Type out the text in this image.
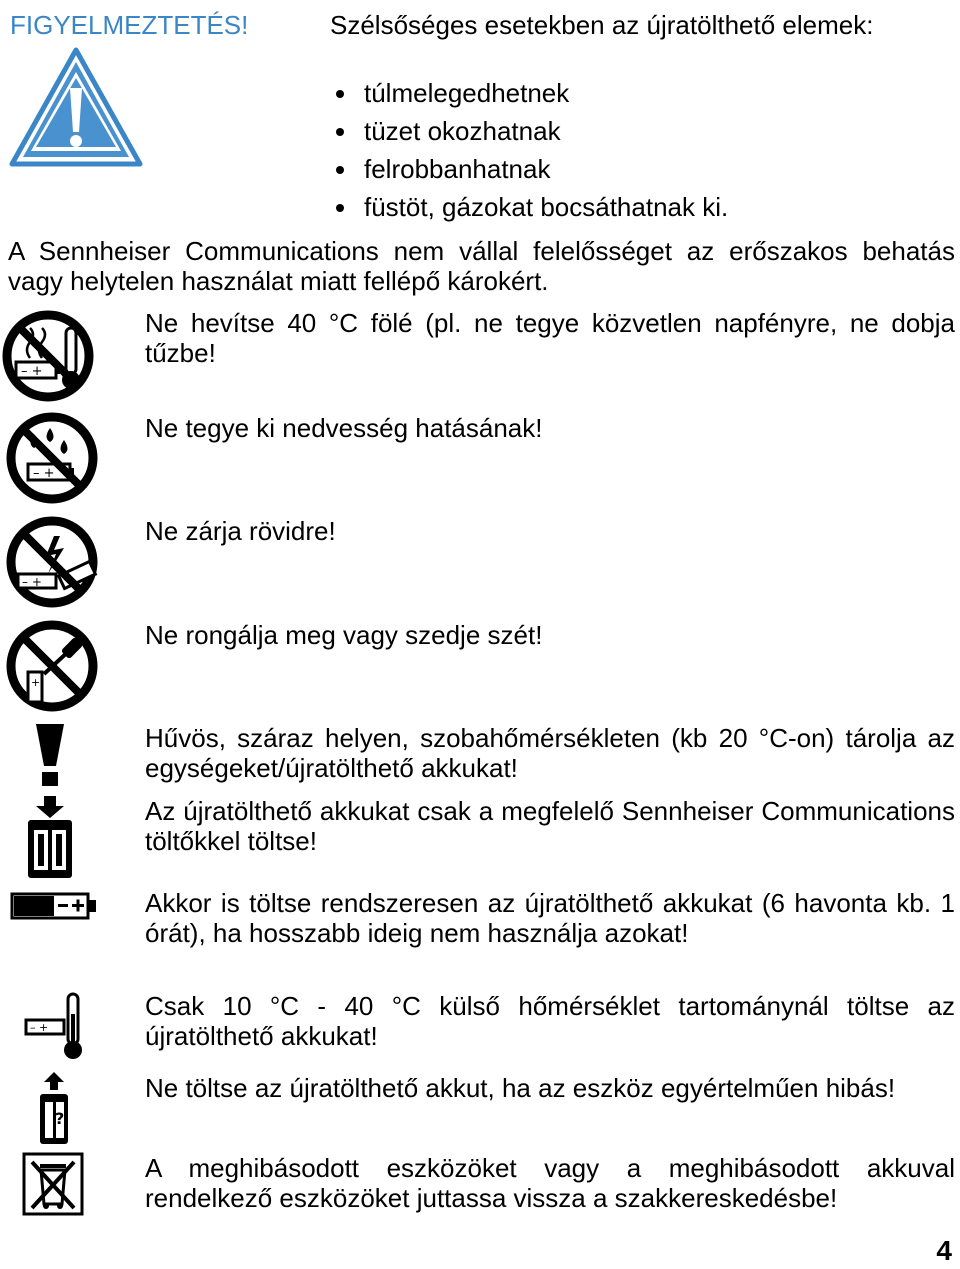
FIGYELMEZTETÉS!	Szélsőséges esetekben az újratölthető elemek:
túlmelegedhetnek
tüzet okozhatnak
felrobbanhatnak
füstöt, gázokat bocsáthatnak ki.
A Sennheiser Communications nem vállal felelősséget az erőszakos behatás vagy helytelen használat miatt fellépő károkért.
– +
Ne hevítse 40 °C fölé (pl. ne tegye közvetlen napfényre, ne dobja tűzbe!
– +
Ne tegye ki nedvesség hatásának!
– +
Ne zárja rövidre!
+
Ne rongálja meg vagy szedje szét!
Hűvös, száraz helyen, szobahőmérsékleten (kb 20 °C-on) tárolja az egységeket/újratölthető akkukat!
Az újratölthető akkukat csak a megfelelő Sennheiser Communications töltőkkel töltse!
Akkor is töltse rendszeresen az újratölthető akkukat (6 havonta kb. 1 órát), ha hosszabb ideig nem használja azokat!
– +
Csak 10 °C - 40 °C külső hőmérséklet tartománynál töltse az újratölthető akkukat!
?
Ne töltse az újratölthető akkut, ha az eszköz egyértelműen hibás!
A meghibásodott eszközöket vagy a meghibásodott akkuval rendelkező eszközöket juttassa vissza a szakkereskedésbe!
4
